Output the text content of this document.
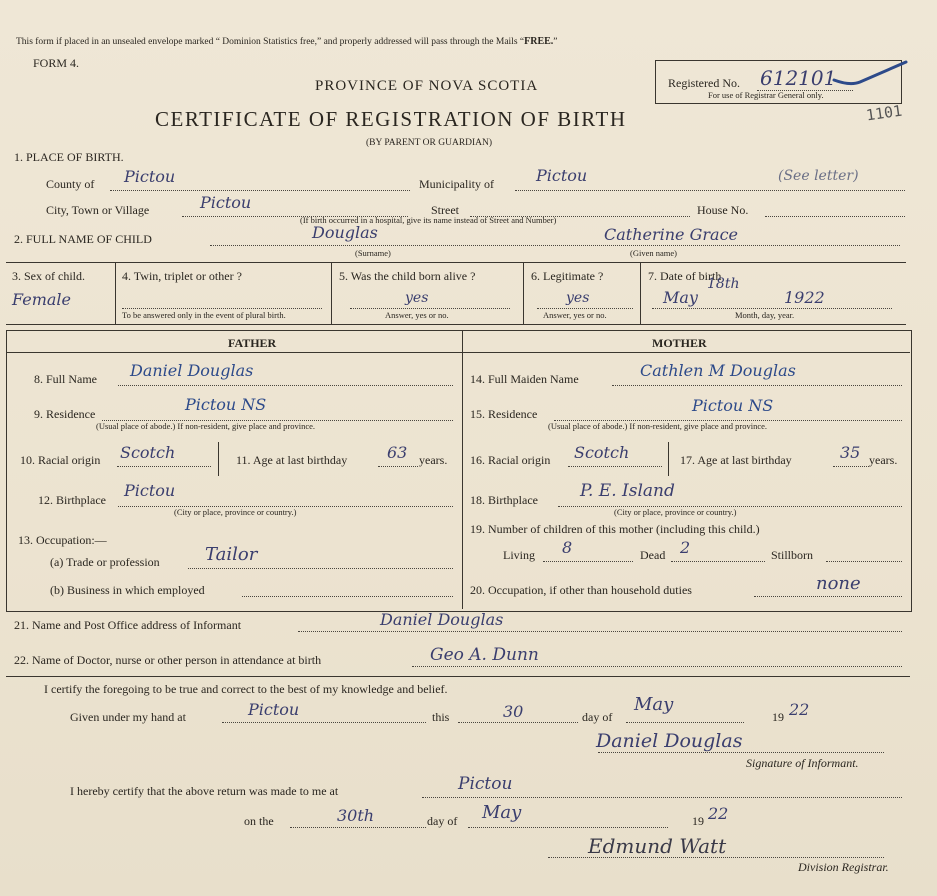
This form if placed in an unsealed envelope marked “ Dominion Statistics free,” and properly addressed will pass through the Mails “FREE.”
FORM 4.
Registered No. 612101
For use of Registrar General only.
1101
PROVINCE OF NOVA SCOTIA
CERTIFICATE OF REGISTRATION OF BIRTH
(BY PARENT OR GUARDIAN)
1. PLACE OF BIRTH.
County of Pictou	Municipality of	Pictou	(See letter)
City, Town or Village	Pictou	Street
(If birth occurred in a hospital, give its name instead of Street and Number)
House No.
2. FULL NAME OF CHILD	Douglas
(Surname)
Catherine Grace
(Given name)
3. Sex of child.
Female
4. Twin, triplet or other ?
To be answered only in the event of plural birth.
5. Was the child born alive ?
yes
Answer, yes or no.
6. Legitimate ?
yes
Answer, yes or no.
7. Date of birth
May
18th
1922
Month, day, year.
FATHER	MOTHER
8. Full Name Daniel Douglas
9. Residence	Pictou NS
(Usual place of abode.) If non-resident, give place and province.
10. Racial origin Scotch	11. Age at last birthday 63 years.
12. Birthplace Pictou
(City or place, province or country.)
13. Occupation:—
(a) Trade or profession	Tailor
(b) Business in which employed
14. Full Maiden Name	Cathlen M Douglas
15. Residence	Pictou NS
(Usual place of abode.) If non-resident, give place and province.
16. Racial origin Scotch	17. Age at last birthday	35 years.
18. Birthplace P. E. Island
(City or place, province or country.)
19. Number of children of this mother (including this child.)
Living 8	Dead 2	Stillborn
20. Occupation, if other than household duties	none
21. Name and Post Office address of Informant	Daniel Douglas
22. Name of Doctor, nurse or other person in attendance at birth	Geo A. Dunn
I certify the foregoing to be true and correct to the best of my knowledge and belief.
Given under my hand at	Pictou	this	30	day of
May
19 22
Daniel Douglas
Signature of Informant.
I hereby certify that the above return was made to me at	Pictou
on the	30th	day of May	19 22
Edmund Watt
Division Registrar.
